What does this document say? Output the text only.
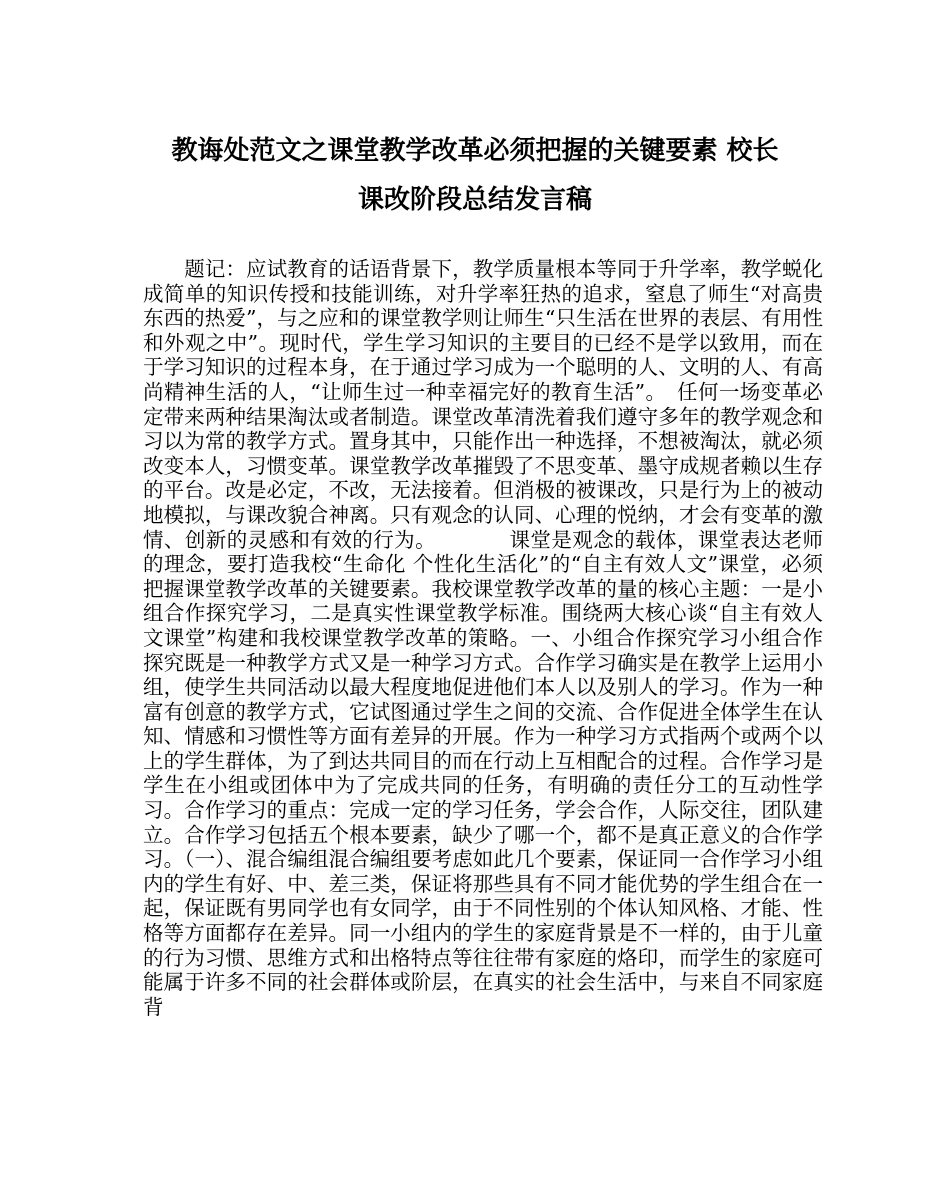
教诲处范文之课堂教学改革必须把握的关键要素 校长
课改阶段总结发言稿

　　题记：应试教育的话语背景下，教学质量根本等同于升学率，教学蜕化成简单的知识传授和技能训练，对升学率狂热的追求，窒息了师生“对高贵东西的热爱”，与之应和的课堂教学则让师生“只生活在世界的表层、有用性和外观之中”。现时代，学生学习知识的主要目的已经不是学以致用，而在于学习知识的过程本身，在于通过学习成为一个聪明的人、文明的人、有高尚精神生活的人，“让师生过一种幸福完好的教育生活”。　任何一场变革必定带来两种结果淘汰或者制造。课堂改革清洗着我们遵守多年的教学观念和习以为常的教学方式。置身其中，只能作出一种选择，不想被淘汰，就必须改变本人，习惯变革。课堂教学改革摧毁了不思变革、墨守成规者赖以生存的平台。改是必定，不改，无法接着。但消极的被课改，只是行为上的被动地模拟，与课改貌合神离。只有观念的认同、心理的悦纳，才会有变革的激情、创新的灵感和有效的行为。　　　　课堂是观念的载体，课堂表达老师的理念，要打造我校“生命化 个性化生活化”的“自主有效人文”课堂，必须把握课堂教学改革的关键要素。我校课堂教学改革的量的核心主题：一是小组合作探究学习，二是真实性课堂教学标准。围绕两大核心谈“自主有效人文课堂”构建和我校课堂教学改革的策略。一、小组合作探究学习小组合作探究既是一种教学方式又是一种学习方式。合作学习确实是在教学上运用小组，使学生共同活动以最大程度地促进他们本人以及别人的学习。作为一种富有创意的教学方式，它试图通过学生之间的交流、合作促进全体学生在认知、情感和习惯性等方面有差异的开展。作为一种学习方式指两个或两个以上的学生群体，为了到达共同目的而在行动上互相配合的过程。合作学习是学生在小组或团体中为了完成共同的任务，有明确的责任分工的互动性学习。合作学习的重点：完成一定的学习任务，学会合作，人际交往，团队建立。合作学习包括五个根本要素，缺少了哪一个，都不是真正意义的合作学习。（一）、混合编组混合编组要考虑如此几个要素，保证同一合作学习小组内的学生有好、中、差三类，保证将那些具有不同才能优势的学生组合在一起，保证既有男同学也有女同学，由于不同性别的个体认知风格、才能、性格等方面都存在差异。同一小组内的学生的家庭背景是不一样的，由于儿童的行为习惯、思维方式和出格特点等往往带有家庭的烙印，而学生的家庭可能属于许多不同的社会群体或阶层，在真实的社会生活中，与来自不同家庭背
